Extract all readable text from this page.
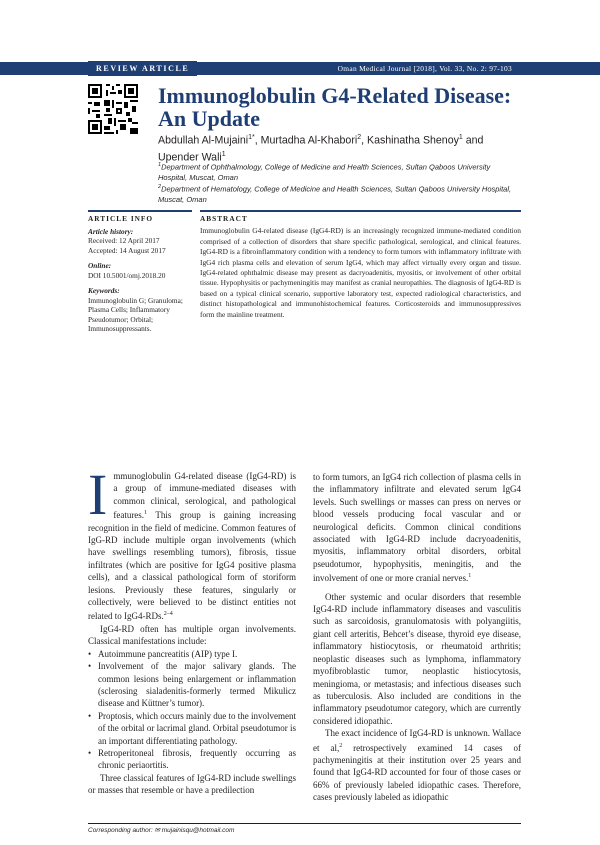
REVIEW ARTICLE	Oman Medical Journal [2018], Vol. 33, No. 2: 97-103
Immunoglobulin G4-Related Disease:
An Update
Abdullah Al-Mujaini$^{1*}$, Murtadha Al-Khabori$^2$, Kashinatha Shenoy$^1$ and Upender Wali$^1$
$^1$Department of Ophthalmology, College of Medicine and Health Sciences, Sultan Qaboos University Hospital, Muscat, Oman
$^2$Department of Hematology, College of Medicine and Health Sciences, Sultan Qaboos University Hospital, Muscat, Oman
ARTICLE INFO
Article history:
Received: 12 April 2017
Accepted: 14 August 2017
Online:
DOI 10.5001/omj.2018.20
Keywords:
Immunoglobulin G; Granuloma; Plasma Cells; Inflammatory Pseudotumor; Orbital; Immunosuppressants.
ABSTRACT
Immunoglobulin G4-related disease (IgG4-RD) is an increasingly recognized immune-mediated condition comprised of a collection of disorders that share specific pathological, serological, and clinical features. IgG4-RD is a fibroinflammatory condition with a tendency to form tumors with inflammatory infiltrate with IgG4 rich plasma cells and elevation of serum IgG4, which may affect virtually every organ and tissue. IgG4-related ophthalmic disease may present as dacryoadenitis, myositis, or involvement of other orbital tissue. Hypophysitis or pachymeningitis may manifest as cranial neuropathies. The diagnosis of IgG4-RD is based on a typical clinical scenario, supportive laboratory test, expected radiological characteristics, and distinct histopathological and immunohistochemical features. Corticosteroids and immunosuppressives form the mainline treatment.

Immunoglobulin G4-related disease (IgG4-RD) is a group of immune-mediated diseases with common clinical, serological, and pathological features.$^1$ This group is gaining increasing recognition in the field of medicine. Common features of IgG-RD include multiple organ involvements (which have swellings resembling tumors), fibrosis, tissue infiltrates (which are positive for IgG4 positive plasma cells), and a classical pathological form of storiform lesions. Previously these features, singularly or collectively, were believed to be distinct entities not related to IgG4-RDs.$^{2-4}$

IgG4-RD often has multiple organ involvements. Classical manifestations include:

• Autoimmune pancreatitis (AIP) type I.
• Involvement of the major salivary glands. The common lesions being enlargement or inflammation (sclerosing sialadenitis-formerly termed Mikulicz disease and Küttner’s tumor).
• Proptosis, which occurs mainly due to the involvement of the orbital or lacrimal gland. Orbital pseudotumor is an important differentiating pathology.
• Retroperitoneal fibrosis, frequently occurring as chronic periaortitis.

Three classical features of IgG4-RD include swellings or masses that resemble or have a predilection

to form tumors, an IgG4 rich collection of plasma cells in the inflammatory infiltrate and elevated serum IgG4 levels. Such swellings or masses can press on nerves or blood vessels producing focal vascular and or neurological deficits. Common clinical conditions associated with IgG4-RD include dacryoadenitis, myositis, inflammatory orbital disorders, orbital pseudotumor, hypophysitis, meningitis, and the involvement of one or more cranial nerves.$^1$

Other systemic and ocular disorders that resemble IgG4-RD include inflammatory diseases and vasculitis such as sarcoidosis, granulomatosis with polyangiitis, giant cell arteritis, Behcet’s disease, thyroid eye disease, inflammatory histiocytosis, or rheumatoid arthritis; neoplastic diseases such as lymphoma, inflammatory myofibroblastic tumor, neoplastic histiocytosis, meningioma, or metastasis; and infectious diseases such as tuberculosis. Also included are conditions in the inflammatory pseudotumor category, which are currently considered idiopathic.

The exact incidence of IgG4-RD is unknown. Wallace et al,$^2$ retrospectively examined 14 cases of pachymeningitis at their institution over 25 years and found that IgG4-RD accounted for four of those cases or 66% of previously labeled idiopathic cases. Therefore, cases previously labeled as idiopathic

Corresponding author: ✉ mujainisqu@hotmail.com
